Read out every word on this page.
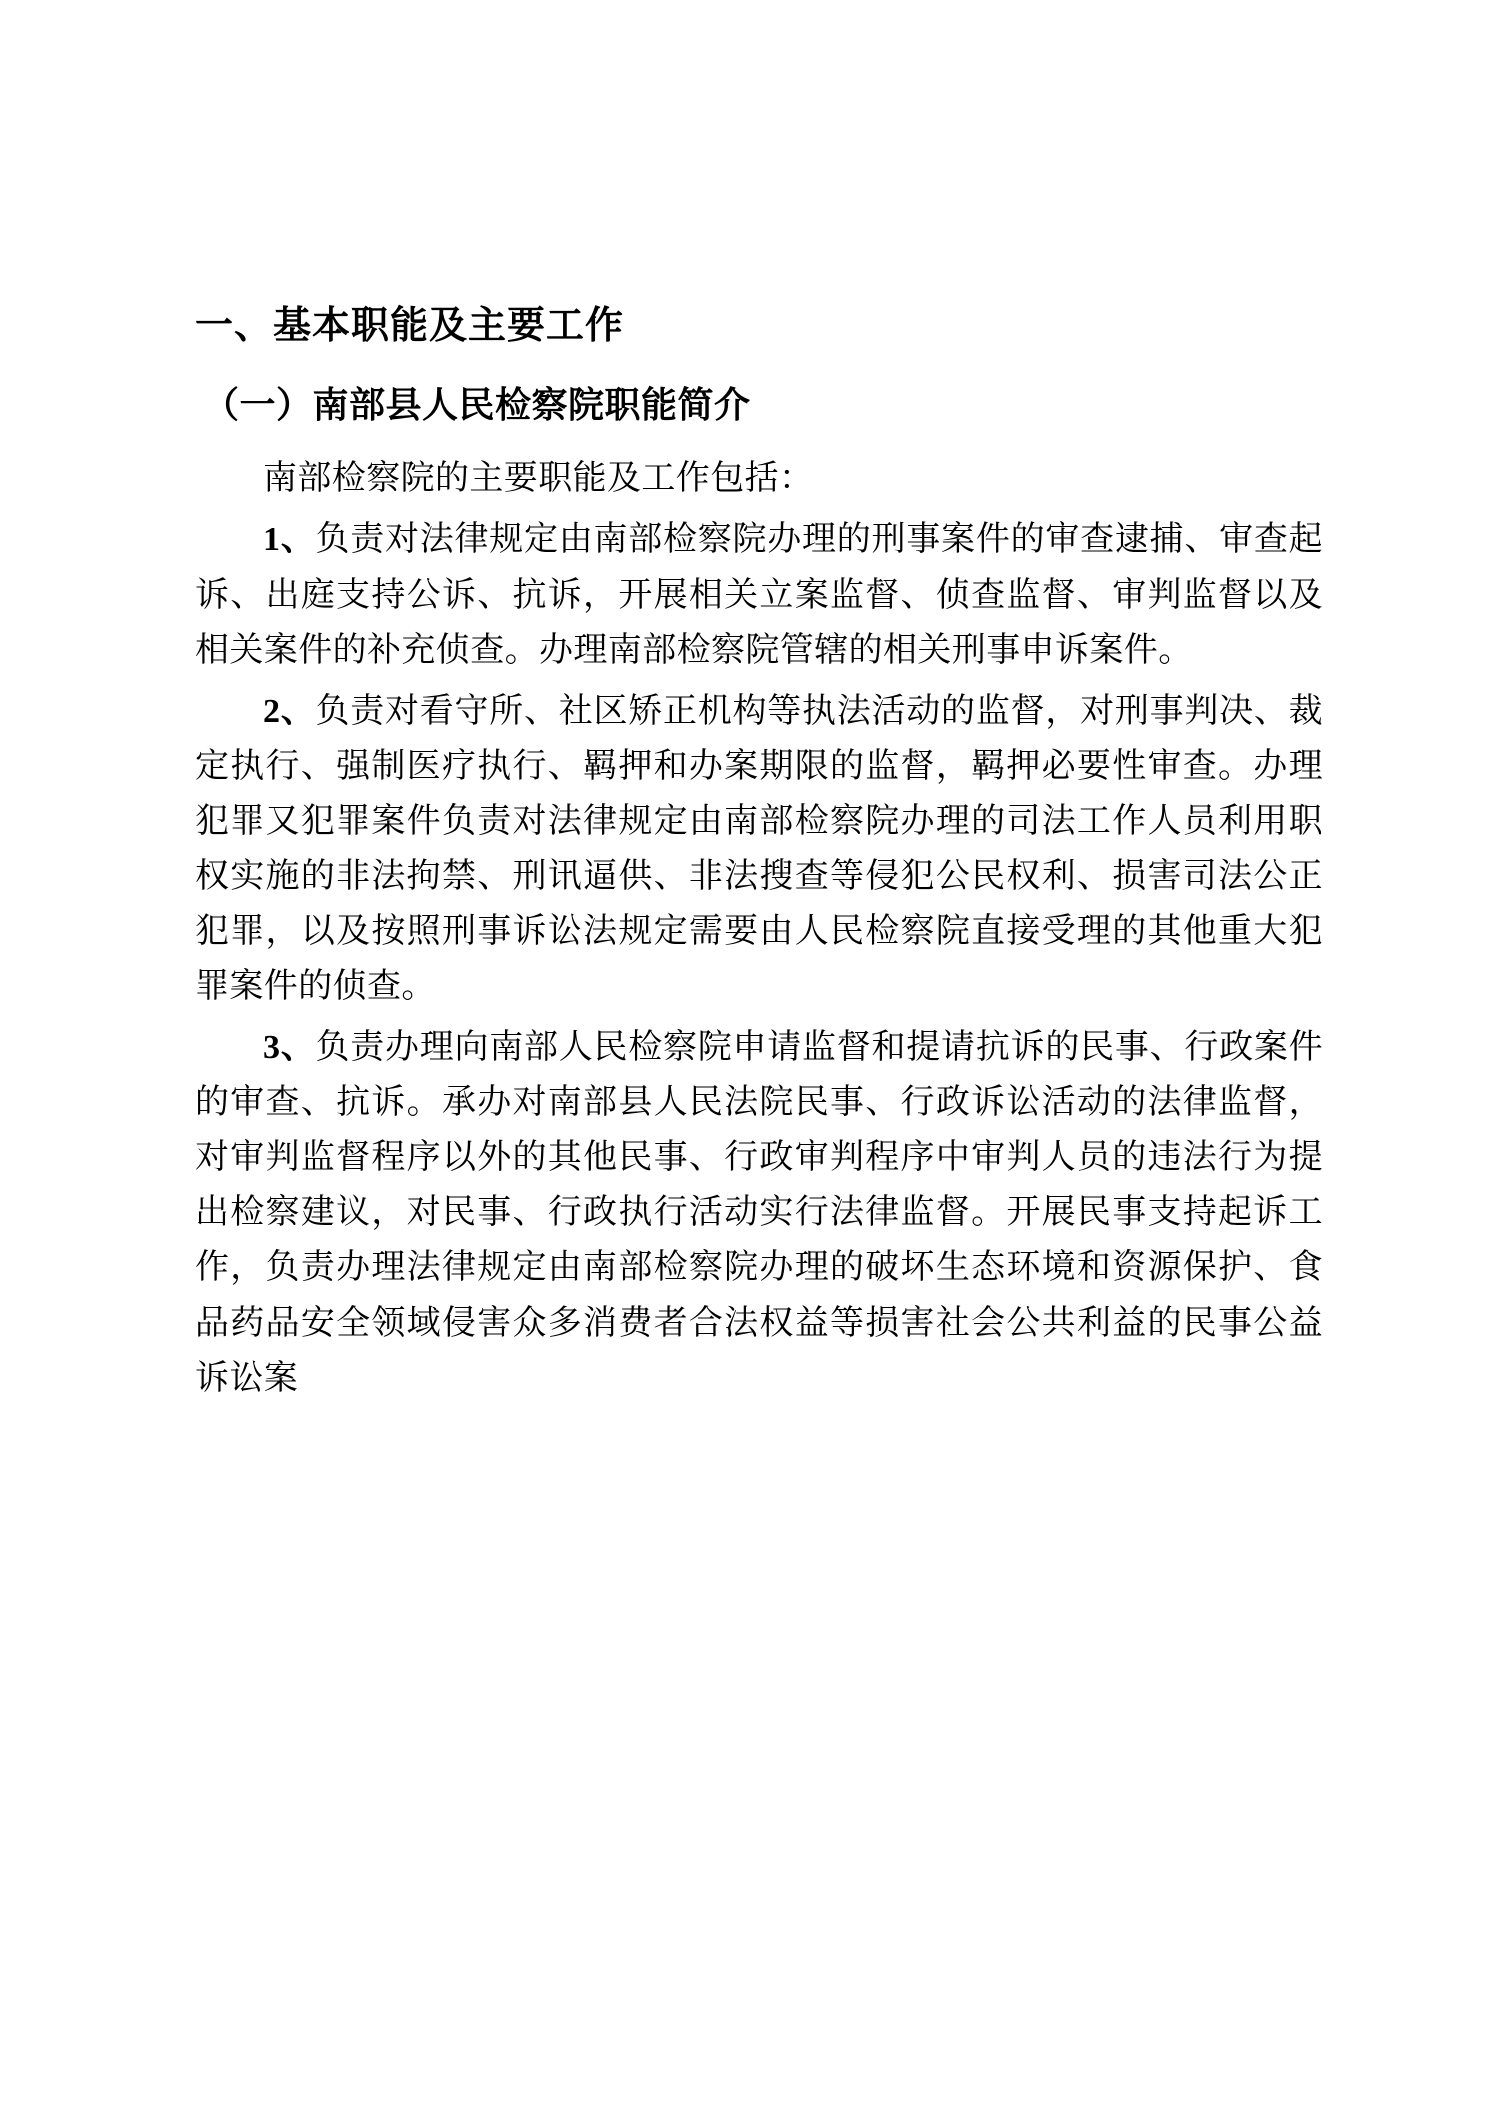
一、基本职能及主要工作
（一）南部县人民检察院职能简介

南部检察院的主要职能及工作包括：

1、负责对法律规定由南部检察院办理的刑事案件的审查逮捕、审查起诉、出庭支持公诉、抗诉，开展相关立案监督、侦查监督、审判监督以及相关案件的补充侦查。办理南部检察院管辖的相关刑事申诉案件。

2、负责对看守所、社区矫正机构等执法活动的监督，对刑事判决、裁定执行、强制医疗执行、羁押和办案期限的监督，羁押必要性审查。办理犯罪又犯罪案件负责对法律规定由南部检察院办理的司法工作人员利用职权实施的非法拘禁、刑讯逼供、非法搜查等侵犯公民权利、损害司法公正犯罪，以及按照刑事诉讼法规定需要由人民检察院直接受理的其他重大犯罪案件的侦查。

3、负责办理向南部人民检察院申请监督和提请抗诉的民事、行政案件的审查、抗诉。承办对南部县人民法院民事、行政诉讼活动的法律监督，对审判监督程序以外的其他民事、行政审判程序中审判人员的违法行为提出检察建议，对民事、行政执行活动实行法律监督。开展民事支持起诉工作，负责办理法律规定由南部检察院办理的破坏生态环境和资源保护、食品药品安全领域侵害众多消费者合法权益等损害社会公共利益的民事公益诉讼案
